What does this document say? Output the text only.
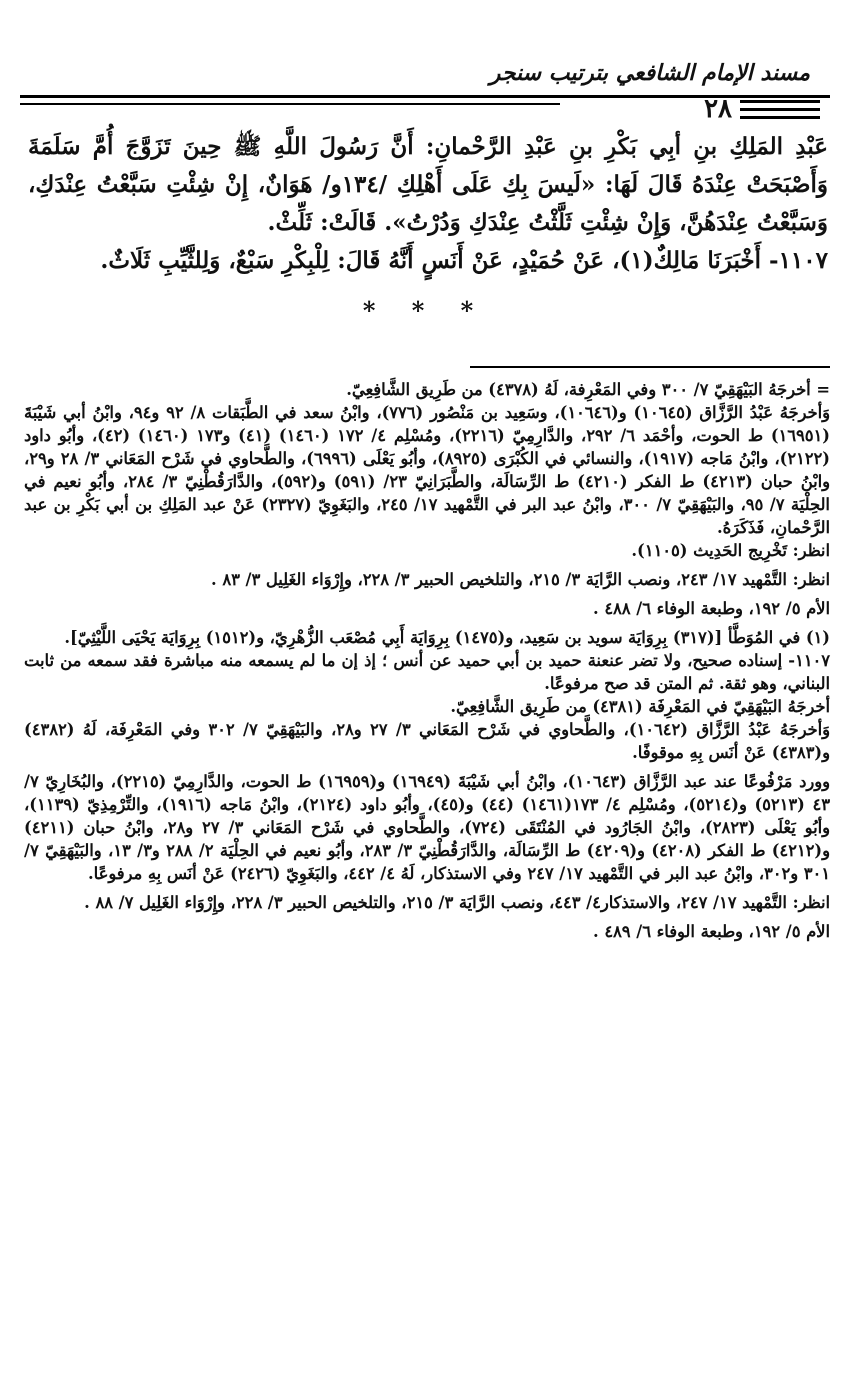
مسند الإمام الشافعي بترتيب سنجر
٢٨

عَبْدِ المَلِكِ بنِ أبِي بَكْرِ بنِ عَبْدِ الرَّحْمانِ: أَنَّ رَسُولَ اللَّهِ ﷺ حِينَ تَزَوَّجَ أُمَّ سَلَمَةَ وَأَصْبَحَتْ عِنْدَهُ قَالَ لَهَا: «لَيسَ بِكِ عَلَى أَهْلِكِ /١٣٤و/ هَوَانٌ، إِنْ شِئْتِ سَبَّعْتُ عِنْدَكِ، وَسَبَّعْتُ عِنْدَهُنَّ، وَإِنْ شِئْتِ ثَلَّثْتُ عِنْدَكِ وَدُرْتُ». قَالَتْ: ثَلِّثْ.

١١٠٧- أَخْبَرَنَا مَالِكٌ(١)، عَنْ حُمَيْدٍ، عَنْ أَنَسٍ أَنَّهُ قَالَ: لِلْبِكْرِ سَبْعٌ، وَلِلثَّيِّبِ ثَلَاثٌ.

* * *

= أخرجَهُ البَيْهَقِيّ ٧/ ٣٠٠ وفي المَعْرِفة، لَهُ (٤٣٧٨) من طَرِيق الشَّافِعِيّ.

وَأخرجَهُ عَبْدُ الرَّزَّاق (١٠٦٤٥) و(١٠٦٤٦)، وسَعِيد بن مَنْصُور (٧٧٦)، وابْنُ سعد في الطَّبَقات ٨/ ٩٢ و٩٤، وابْنُ أبي شَيْبَةَ (١٦٩٥١) ط الحوت، وأحْمَد ٦/ ٢٩٢، والدَّارِمِيّ (٢٢١٦)، ومُسْلِم ٤/ ١٧٢ (١٤٦٠) (٤١) و١٧٣ (١٤٦٠) (٤٢)، وأبُو داود (٢١٢٢)، وابْنُ مَاجه (١٩١٧)، والنسائي في الكُبْرَى (٨٩٢٥)، وأبُو يَعْلَى (٦٩٩٦)، والطَّحاوي في شَرْح المَعَاني ٣/ ٢٨ و٢٩، وابْنُ حبان (٤٢١٣) ط الفكر (٤٢١٠) ط الرِّسَالَة، والطَّبَرَانِيّ ٢٣/ (٥٩١) و(٥٩٢)، والدَّارَقُطْنِيّ ٣/ ٢٨٤، وأبُو نعيم في الحِلْيَة ٧/ ٩٥، والبَيْهَقِيّ ٧/ ٣٠٠، وابْنُ عبد البر في التَّمْهيد ١٧/ ٢٤٥، والبَغَوِيّ (٢٣٢٧) عَنْ عبد المَلِكِ بن أبي بَكْرِ بن عبد الرَّحْمانِ، فَذَكَرَهُ.

انظر: تَخْرِيج الحَدِيث (١١٠٥).

انظر: التَّمْهيد ١٧/ ٢٤٣، ونصب الرَّايَة ٣/ ٢١٥، والتلخيص الحبير ٣/ ٢٢٨، وإِرْوَاء الغَلِيل ٣/ ٨٣ .

الأم ٥/ ١٩٢، وطبعة الوفاء ٦/ ٤٨٨ .

(١) في المُوَطَّأ [(٣١٧) بِرِوَايَة سويد بن سَعِيد، و(١٤٧٥) بِرِوَايَة أَبِي مُصْعَب الزُّهْرِيّ، و(١٥١٢) بِرِوَايَة يَحْيَى اللَّيْثِيّ].

١١٠٧- إسناده صحيح، ولا تضر عنعنة حميد بن أبي حميد عن أنس ؛ إذ إن ما لم يسمعه منه مباشرة فقد سمعه من ثابت البناني، وهو ثقة. ثم المتن قد صح مرفوعًا.

أخرجَهُ البَيْهَقِيّ في المَعْرِفَة (٤٣٨١) من طَرِيق الشَّافِعِيّ.

وَأخرجَهُ عَبْدُ الرَّزَّاق (١٠٦٤٢)، والطَّحاوي في شَرْح المَعَاني ٣/ ٢٧ و٢٨، والبَيْهَقِيّ ٧/ ٣٠٢ وفي المَعْرِفَة، لَهُ (٤٣٨٢) و(٤٣٨٣) عَنْ أنَس بِهِ موقوفًا.

وورد مَرْفُوعًا عند عبد الرَّزَّاق (١٠٦٤٣)، وابْنُ أبي شَيْبَةَ (١٦٩٤٩) و(١٦٩٥٩) ط الحوت، والدَّارِمِيّ (٢٢١٥)، والبُخَارِيّ ٧/ ٤٣ (٥٢١٣) و(٥٢١٤)، ومُسْلِم ٤/ ١٧٣(١٤٦١) (٤٤) و(٤٥)، وأبُو داود (٢١٢٤)، وابْنُ مَاجه (١٩١٦)، والتِّرْمِذِيّ (١١٣٩)، وأبُو يَعْلَى (٢٨٢٣)، وابْنُ الجَارُود في المُنْتَقَى (٧٢٤)، والطَّحاوي في شَرْح المَعَاني ٣/ ٢٧ و٢٨، وابْنُ حبان (٤٢١١) و(٤٢١٢) ط الفكر (٤٢٠٨) و(٤٢٠٩) ط الرِّسَالَة، والدَّارَقُطْنِيّ ٣/ ٢٨٣، وأبُو نعيم في الحِلْيَة ٢/ ٢٨٨ و٣/ ١٣، والبَيْهَقِيّ ٧/ ٣٠١ و٣٠٢، وابْنُ عبد البر في التَّمْهيد ١٧/ ٢٤٧ وفي الاستذكار، لَهُ ٤/ ٤٤٢، والبَغَوِيّ (٢٤٢٦) عَنْ أنَس بِهِ مرفوعًا.

انظر: التَّمْهيد ١٧/ ٢٤٧، والاستذكار٤/ ٤٤٣، ونصب الرَّايَة ٣/ ٢١٥، والتلخيص الحبير ٣/ ٢٢٨، وإِرْوَاء الغَلِيل ٧/ ٨٨ .

الأم ٥/ ١٩٢، وطبعة الوفاء ٦/ ٤٨٩ .
